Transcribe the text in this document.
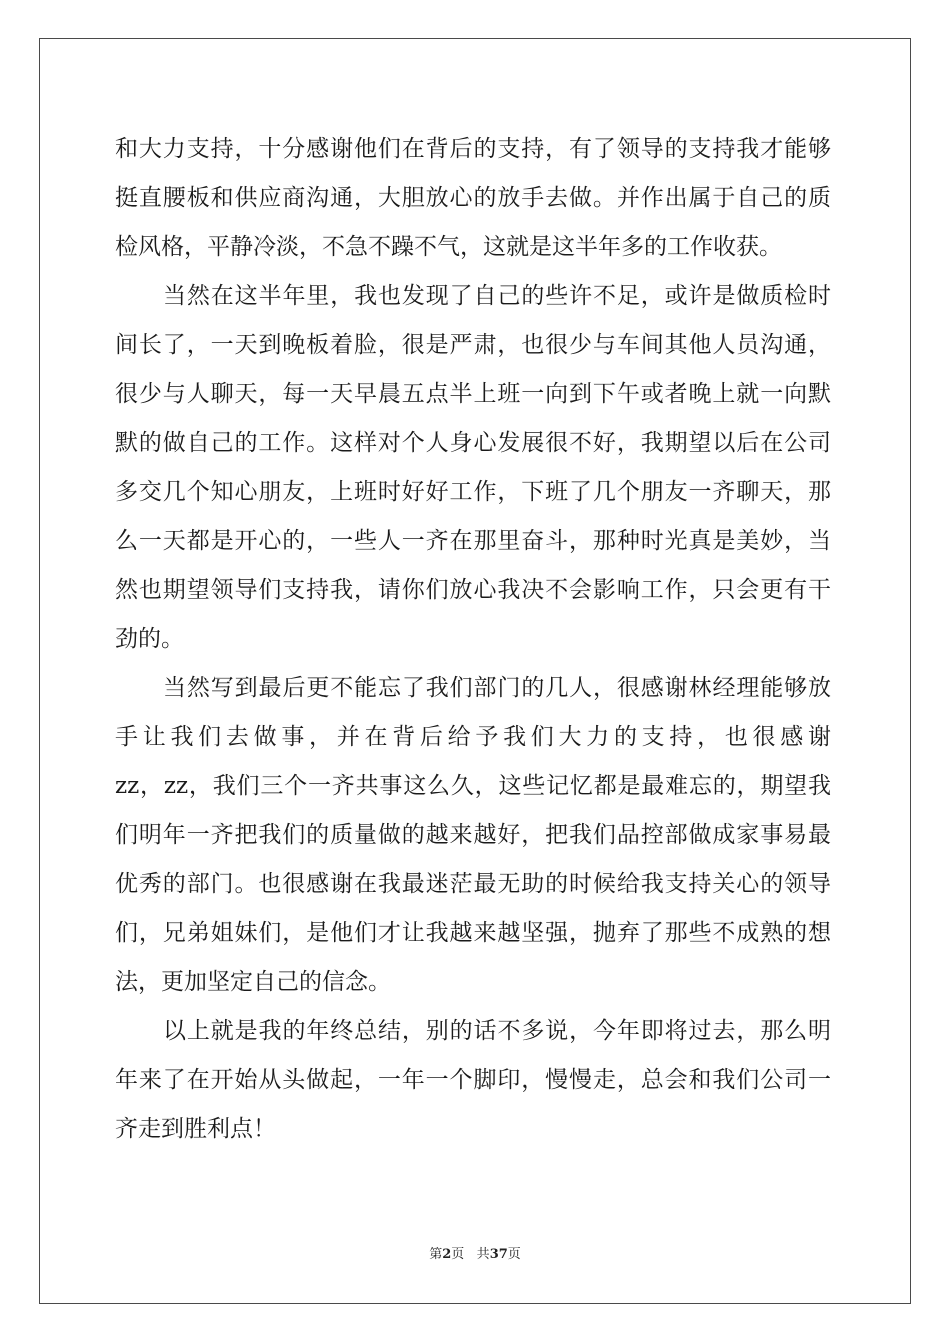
和大力支持，十分感谢他们在背后的支持，有了领导的支持我才能够
挺直腰板和供应商沟通，大胆放心的放手去做。并作出属于自己的质
检风格，平静冷淡，不急不躁不气，这就是这半年多的工作收获。
当然在这半年里，我也发现了自己的些许不足，或许是做质检时
间长了，一天到晚板着脸，很是严肃，也很少与车间其他人员沟通，
很少与人聊天，每一天早晨五点半上班一向到下午或者晚上就一向默
默的做自己的工作。这样对个人身心发展很不好，我期望以后在公司
多交几个知心朋友，上班时好好工作，下班了几个朋友一齐聊天，那
么一天都是开心的，一些人一齐在那里奋斗，那种时光真是美妙，当
然也期望领导们支持我，请你们放心我决不会影响工作，只会更有干
劲的。
当然写到最后更不能忘了我们部门的几人，很感谢林经理能够放
手让我们去做事，并在背后给予我们大力的支持，也很感谢
zz，zz，我们三个一齐共事这么久，这些记忆都是最难忘的，期望我
们明年一齐把我们的质量做的越来越好，把我们品控部做成家事易最
优秀的部门。也很感谢在我最迷茫最无助的时候给我支持关心的领导
们，兄弟姐妹们，是他们才让我越来越坚强，抛弃了那些不成熟的想
法，更加坚定自己的信念。
以上就是我的年终总结，别的话不多说，今年即将过去，那么明
年来了在开始从头做起，一年一个脚印，慢慢走，总会和我们公司一
齐走到胜利点！
第2页 共37页
